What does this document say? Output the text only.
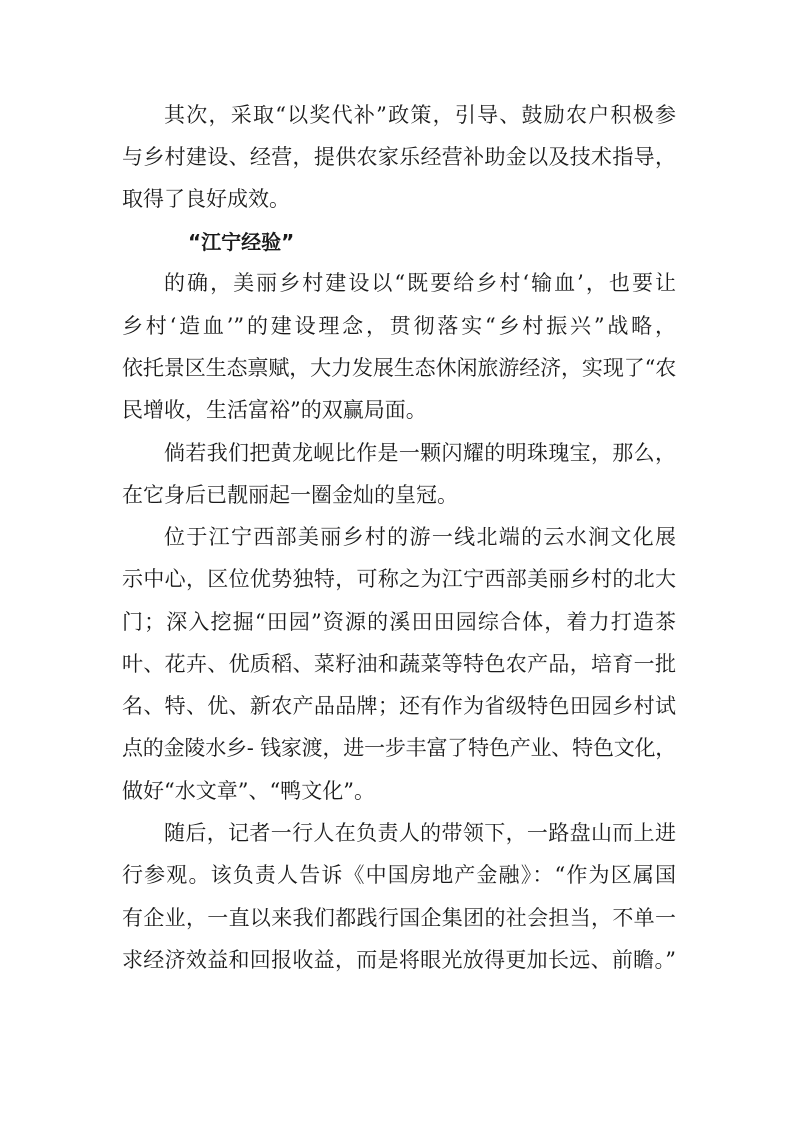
其次，采取“以奖代补”政策，引导、鼓励农户积极参
与乡村建设、经营，提供农家乐经营补助金以及技术指导，
取得了良好成效。
“江宁经验”
的确，美丽乡村建设以“既要给乡村‘输血’，也要让
乡村‘造血’”的建设理念，贯彻落实“乡村振兴”战略，
依托景区生态禀赋，大力发展生态休闲旅游经济，实现了“农
民增收，生活富裕”的双赢局面。
倘若我们把黄龙岘比作是一颗闪耀的明珠瑰宝，那么，
在它身后已靓丽起一圈金灿的皇冠。
位于江宁西部美丽乡村的游一线北端的云水涧文化展
示中心，区位优势独特，可称之为江宁西部美丽乡村的北大
门；深入挖掘“田园”资源的溪田田园综合体，着力打造茶
叶、花卉、优质稻、菜籽油和蔬菜等特色农产品，培育一批
名、特、优、新农产品品牌；还有作为省级特色田园乡村试
点的金陵水乡- 钱家渡，进一步丰富了特色产业、特色文化，
做好“水文章”、“鸭文化”。
随后，记者一行人在负责人的带领下，一路盘山而上进
行参观。该负责人告诉《中国房地产金融》：“作为区属国
有企业，一直以来我们都践行国企集团的社会担当，不单一
求经济效益和回报收益，而是将眼光放得更加长远、前瞻。”
